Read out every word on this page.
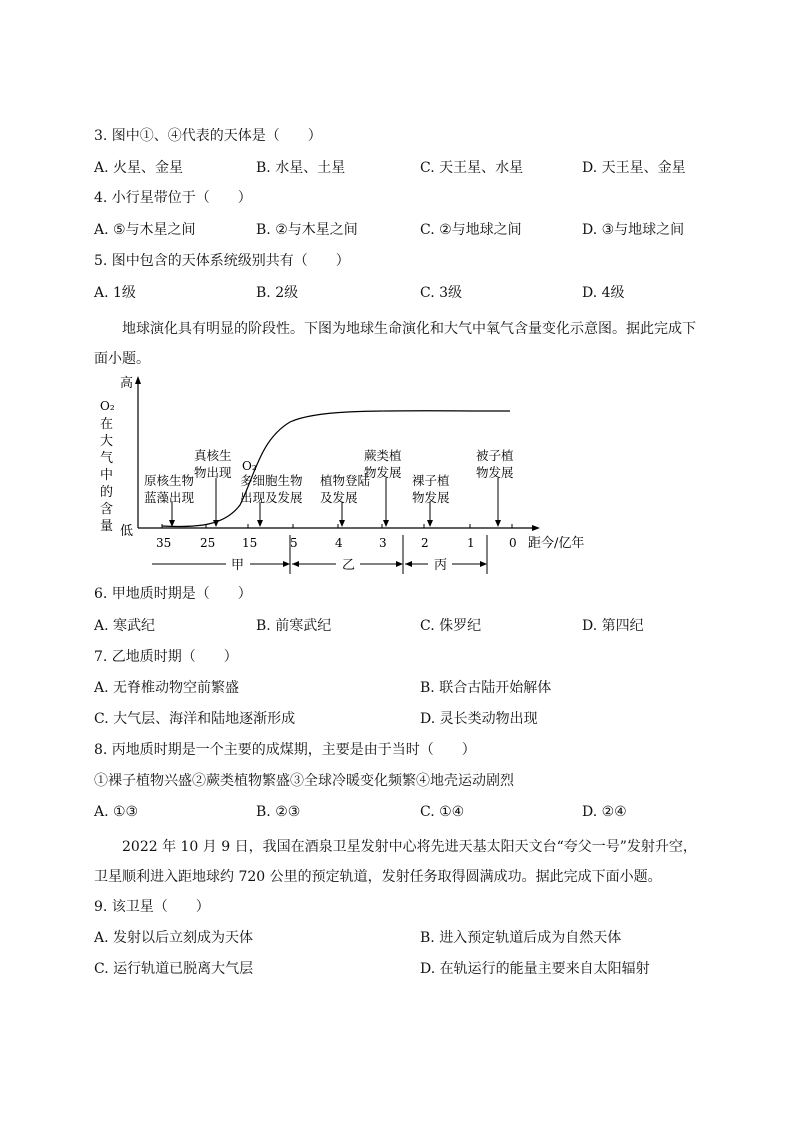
3. 图中①、④代表的天体是（　　）
A. 火星、金星	B. 水星、土星	C. 天王星、水星	D. 天王星、金星
4. 小行星带位于（　　）
A. ⑤与木星之间	B. ②与木星之间	C. ②与地球之间	D. ③与地球之间
5. 图中包含的天体系统级别共有（　　）
A. 1级	B. 2级	C. 3级	D. 4级
地球演化具有明显的阶段性。下图为地球生命演化和大气中氧气含量变化示意图。据此完成下面小题。
高
低
O₂
在
大
气
中
的
含
量
O₂
35 25 15	5	4	3	2	1	0 距今/亿年
原核生物
蓝藻出现
真核生
物出现
多细胞生物
出现及发展
植物登陆
及发展
蕨类植
物发展
裸子植
物发展
被子植
物发展
甲	乙	丙
6. 甲地质时期是（　　）
A. 寒武纪	B. 前寒武纪	C. 侏罗纪	D. 第四纪
7. 乙地质时期（　　）
A. 无脊椎动物空前繁盛	B. 联合古陆开始解体
C. 大气层、海洋和陆地逐渐形成	D. 灵长类动物出现
8. 丙地质时期是一个主要的成煤期，主要是由于当时（　　）
①裸子植物兴盛②蕨类植物繁盛③全球冷暖变化频繁④地壳运动剧烈
A. ①③	B. ②③	C. ①④	D. ②④
2022 年 10 月 9 日，我国在酒泉卫星发射中心将先进天基太阳天文台“夸父一号”发射升空，卫星顺利进入距地球约 720 公里的预定轨道，发射任务取得圆满成功。据此完成下面小题。
9. 该卫星（　　）
A. 发射以后立刻成为天体	B. 进入预定轨道后成为自然天体
C. 运行轨道已脱离大气层	D. 在轨运行的能量主要来自太阳辐射
